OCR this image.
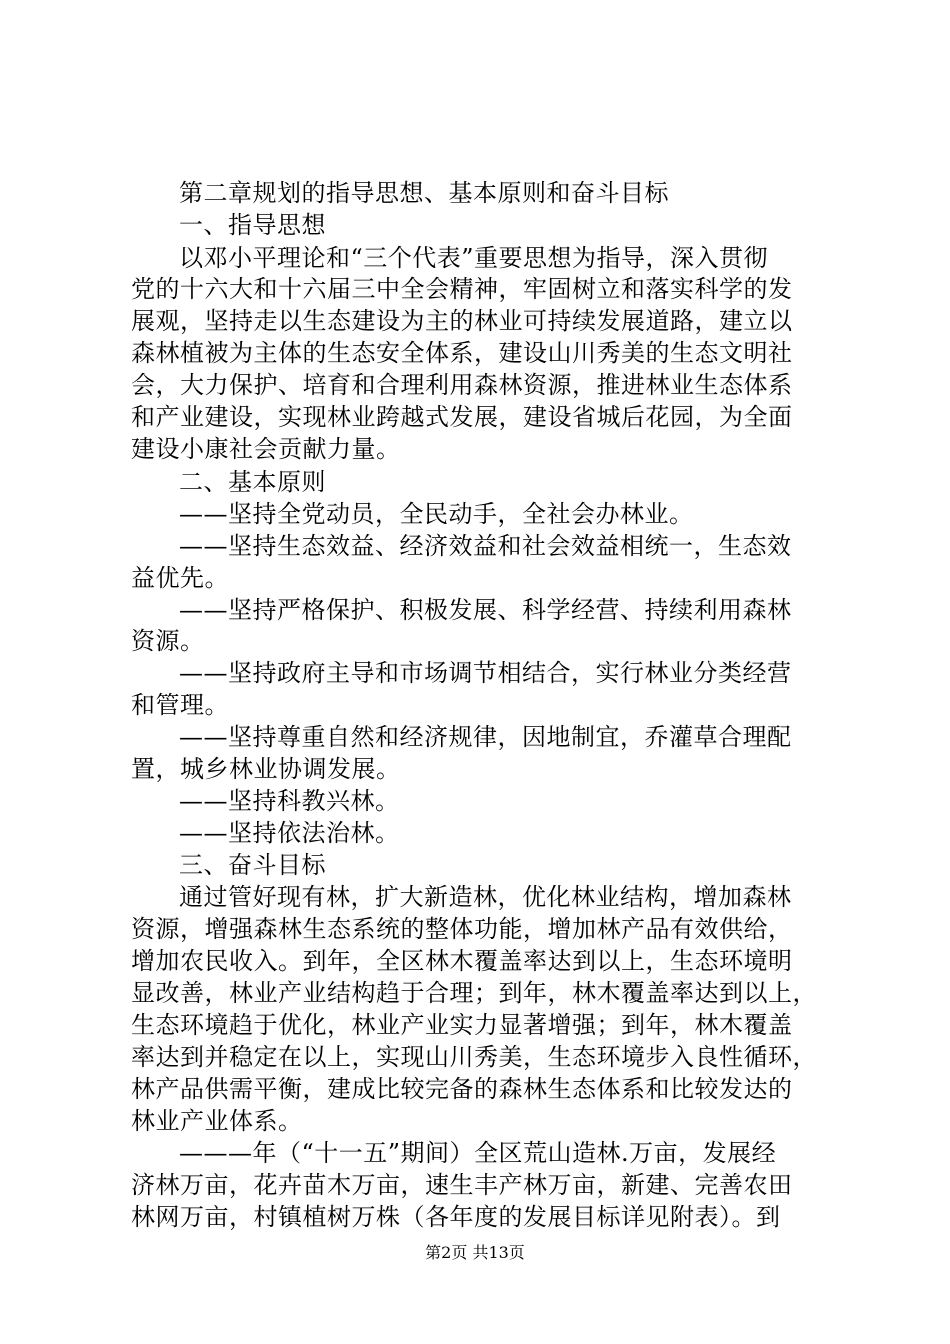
第二章规划的指导思想、基本原则和奋斗目标
一、指导思想
以邓小平理论和“三个代表”重要思想为指导，深入贯彻
党的十六大和十六届三中全会精神，牢固树立和落实科学的发
展观，坚持走以生态建设为主的林业可持续发展道路，建立以
森林植被为主体的生态安全体系，建设山川秀美的生态文明社
会，大力保护、培育和合理利用森林资源，推进林业生态体系
和产业建设，实现林业跨越式发展，建设省城后花园，为全面
建设小康社会贡献力量。
二、基本原则
——坚持全党动员，全民动手，全社会办林业。
——坚持生态效益、经济效益和社会效益相统一，生态效
益优先。
——坚持严格保护、积极发展、科学经营、持续利用森林
资源。
——坚持政府主导和市场调节相结合，实行林业分类经营
和管理。
——坚持尊重自然和经济规律，因地制宜，乔灌草合理配
置，城乡林业协调发展。
——坚持科教兴林。
——坚持依法治林。
三、奋斗目标
通过管好现有林，扩大新造林，优化林业结构，增加森林
资源，增强森林生态系统的整体功能，增加林产品有效供给，
增加农民收入。到年，全区林木覆盖率达到以上，生态环境明
显改善，林业产业结构趋于合理；到年，林木覆盖率达到以上，
生态环境趋于优化，林业产业实力显著增强；到年，林木覆盖
率达到并稳定在以上，实现山川秀美，生态环境步入良性循环，
林产品供需平衡，建成比较完备的森林生态体系和比较发达的
林业产业体系。
———年（“十一五”期间）全区荒山造林.万亩，发展经
济林万亩，花卉苗木万亩，速生丰产林万亩，新建、完善农田
林网万亩，村镇植树万株（各年度的发展目标详见附表）。到
第2页 共13页
